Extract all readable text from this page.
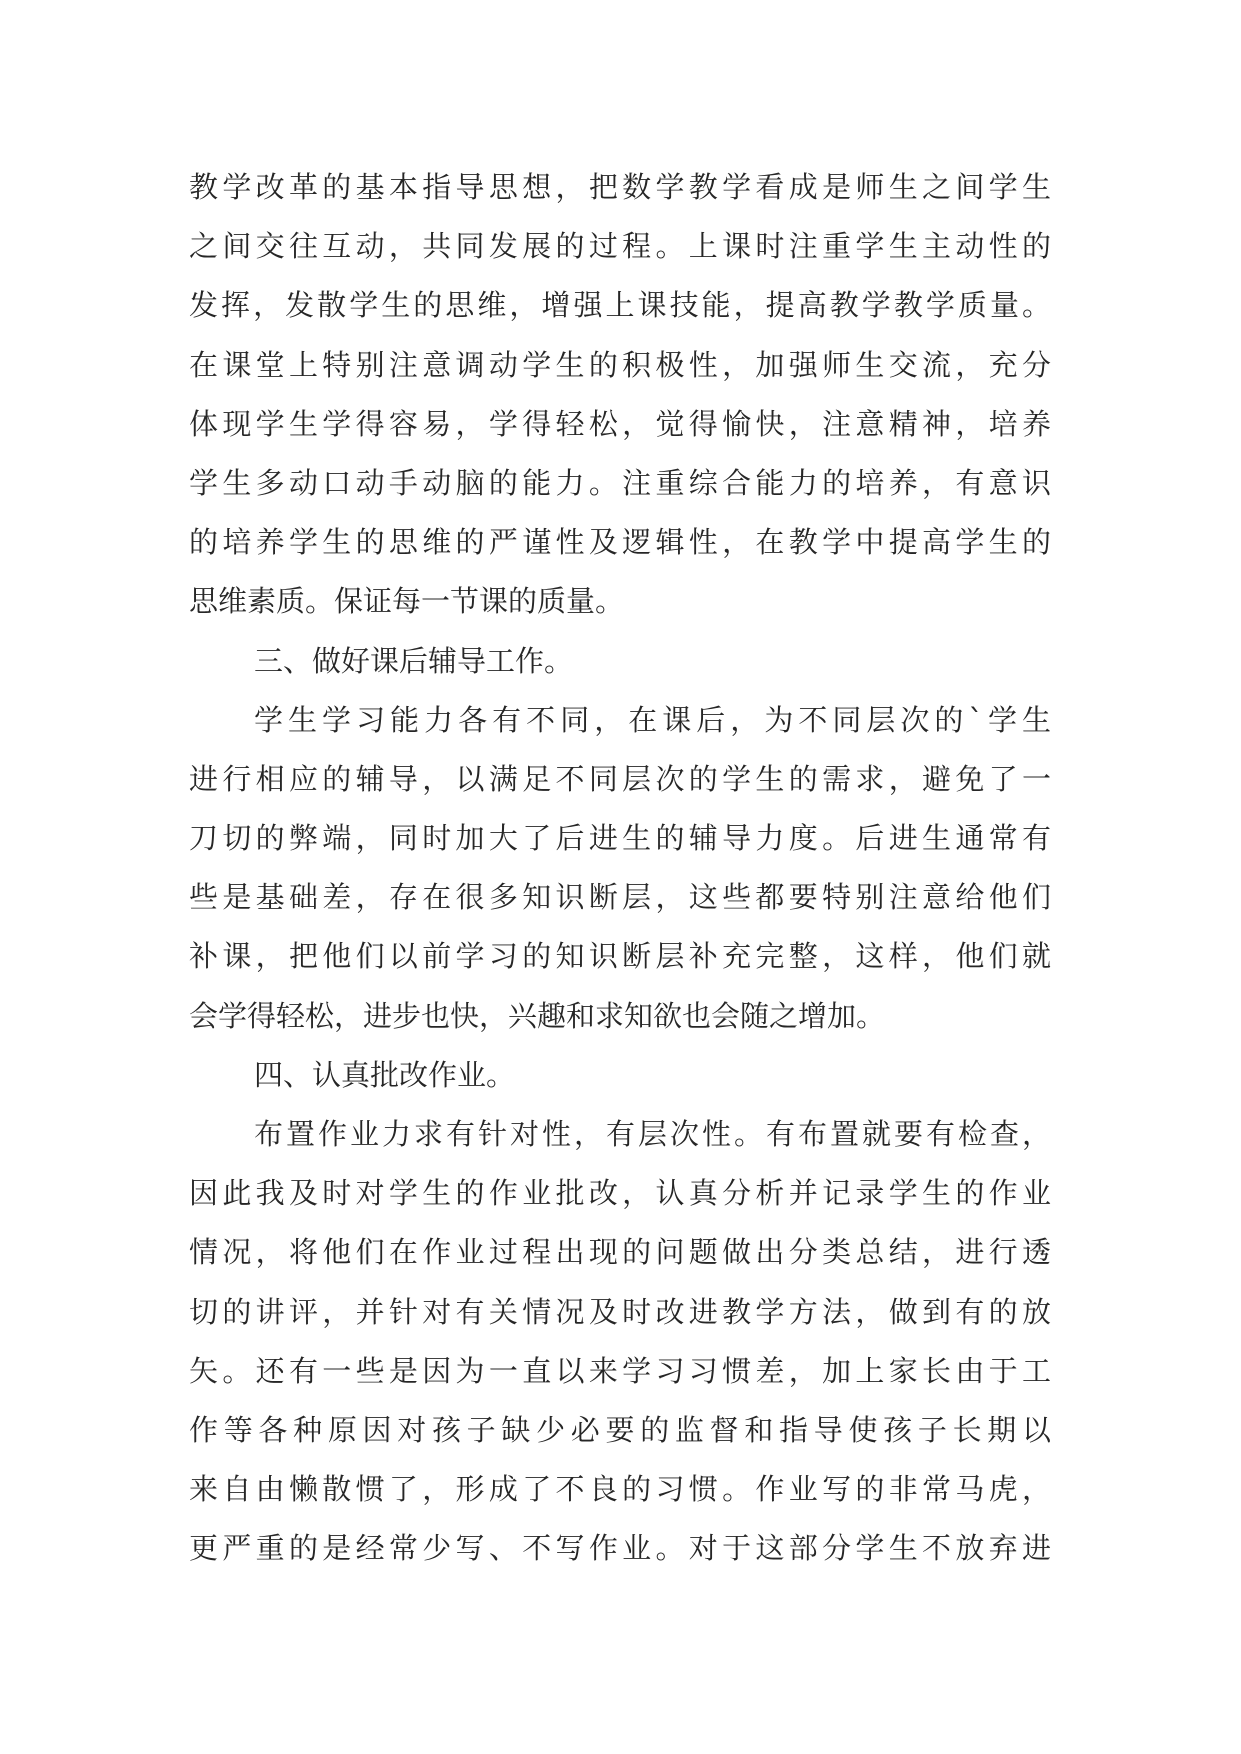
教学改革的基本指导思想，把数学教学看成是师生之间学生
之间交往互动，共同发展的过程。上课时注重学生主动性的
发挥，发散学生的思维，增强上课技能，提高教学教学质量。
在课堂上特别注意调动学生的积极性，加强师生交流，充分
体现学生学得容易，学得轻松，觉得愉快，注意精神，培养
学生多动口动手动脑的能力。注重综合能力的培养，有意识
的培养学生的思维的严谨性及逻辑性，在教学中提高学生的
思维素质。保证每一节课的质量。
三、做好课后辅导工作。
学生学习能力各有不同，在课后，为不同层次的`学生
进行相应的辅导，以满足不同层次的学生的需求，避免了一
刀切的弊端，同时加大了后进生的辅导力度。后进生通常有
些是基础差，存在很多知识断层，这些都要特别注意给他们
补课，把他们以前学习的知识断层补充完整，这样，他们就
会学得轻松，进步也快，兴趣和求知欲也会随之增加。
四、认真批改作业。
布置作业力求有针对性，有层次性。有布置就要有检查，
因此我及时对学生的作业批改，认真分析并记录学生的作业
情况，将他们在作业过程出现的问题做出分类总结，进行透
切的讲评，并针对有关情况及时改进教学方法，做到有的放
矢。还有一些是因为一直以来学习习惯差，加上家长由于工
作等各种原因对孩子缺少必要的监督和指导使孩子长期以
来自由懒散惯了，形成了不良的习惯。作业写的非常马虎，
更严重的是经常少写、不写作业。对于这部分学生不放弃进
